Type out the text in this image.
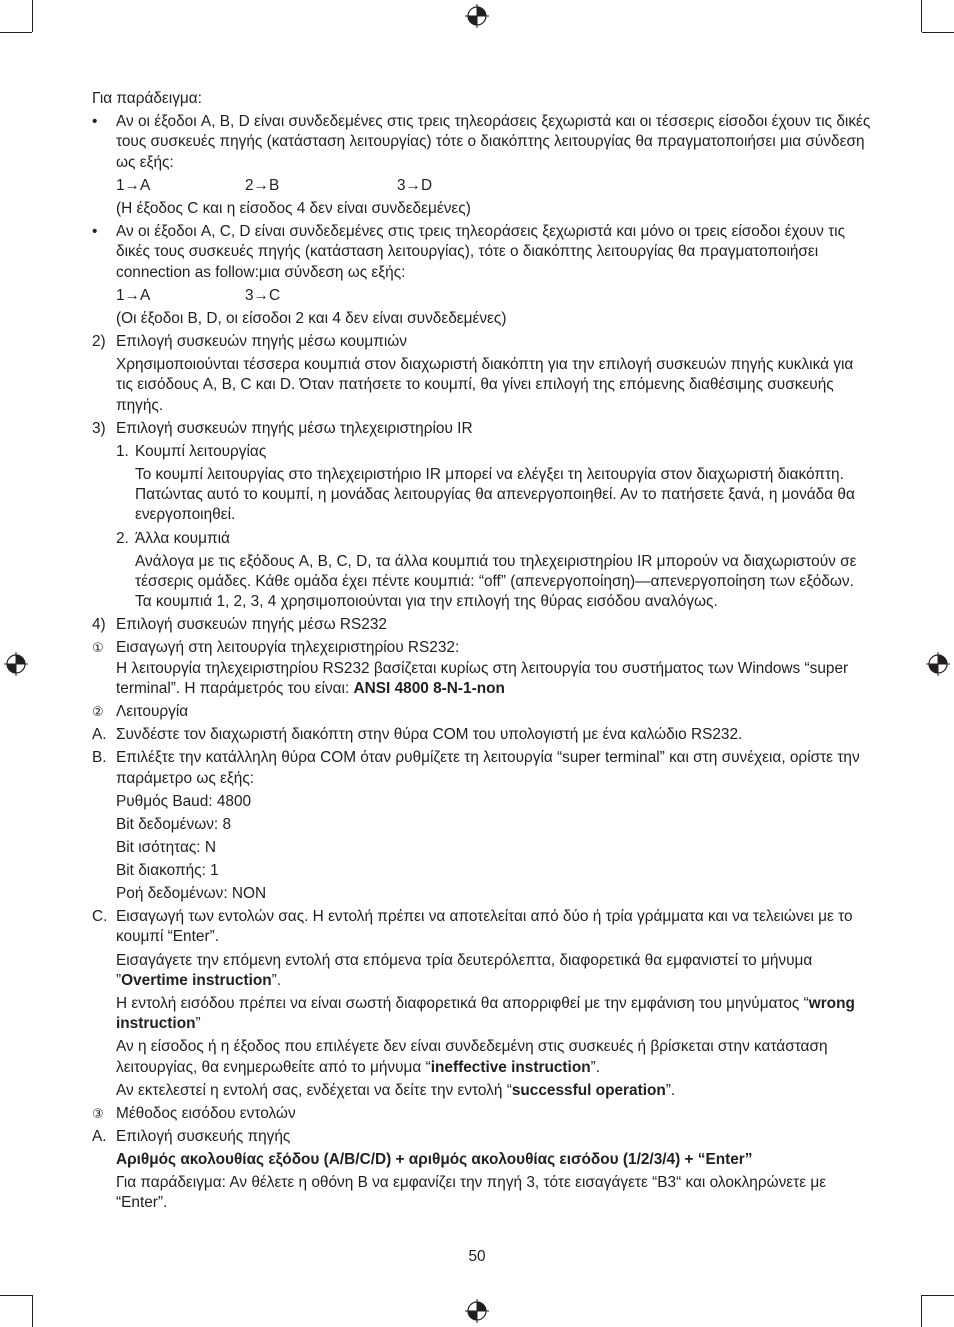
Για παράδειγμα:
• Αν οι έξοδοι A, B, D είναι συνδεδεμένες στις τρεις τηλεοράσεις ξεχωριστά και οι τέσσερις είσοδοι έχουν τις δικές τους συσκευές πηγής (κατάσταση λειτουργίας) τότε ο διακόπτης λειτουργίας θα πραγματοποιήσει μια σύνδεση ως εξής:
1→A	2→B	3→D
(Η έξοδος C και η είσοδος 4 δεν είναι συνδεδεμένες)
• Αν οι έξοδοι A, C, D είναι συνδεδεμένες στις τρεις τηλεοράσεις ξεχωριστά και μόνο οι τρεις είσοδοι έχουν τις δικές τους συσκευές πηγής (κατάσταση λειτουργίας), τότε ο διακόπτης λειτουργίας θα πραγματοποιήσει connection as follow:μια σύνδεση ως εξής:
1→A	3→C
(Οι έξοδοι B, D, οι είσοδοι 2 και 4 δεν είναι συνδεδεμένες)
2) Επιλογή συσκευών πηγής μέσω κουμπιών
Χρησιμοποιούνται τέσσερα κουμπιά στον διαχωριστή διακόπτη για την επιλογή συσκευών πηγής κυκλικά για τις εισόδους A, B, C και D. Όταν πατήσετε το κουμπί, θα γίνει επιλογή της επόμενης διαθέσιμης συσκευής πηγής.
3) Επιλογή συσκευών πηγής μέσω τηλεχειριστηρίου IR
1. Κουμπί λειτουργίας
Το κουμπί λειτουργίας στο τηλεχειριστήριο IR μπορεί να ελέγξει τη λειτουργία στον διαχωριστή διακόπτη. Πατώντας αυτό το κουμπί, η μονάδας λειτουργίας θα απενεργοποιηθεί. Αν το πατήσετε ξανά, η μονάδα θα ενεργοποιηθεί.
2. Άλλα κουμπιά
Ανάλογα με τις εξόδους A, B, C, D, τα άλλα κουμπιά του τηλεχειριστηρίου IR μπορούν να διαχωριστούν σε τέσσερις ομάδες. Κάθε ομάδα έχει πέντε κουμπιά: “off” (απενεργοποίηση)—απενεργοποίηση των εξόδων. Τα κουμπιά 1, 2, 3, 4 χρησιμοποιούνται για την επιλογή της θύρας εισόδου αναλόγως.
4) Επιλογή συσκευών πηγής μέσω RS232
① Εισαγωγή στη λειτουργία τηλεχειριστηρίου RS232:
Η λειτουργία τηλεχειριστηρίου RS232 βασίζεται κυρίως στη λειτουργία του συστήματος των Windows “super terminal”. Η παράμετρός του είναι: ANSI 4800 8-N-1-non
② Λειτουργία
A. Συνδέστε τον διαχωριστή διακόπτη στην θύρα COM του υπολογιστή με ένα καλώδιο RS232.
B. Επιλέξτε την κατάλληλη θύρα COM όταν ρυθμίζετε τη λειτουργία “super terminal” και στη συνέχεια, ορίστε την παράμετρο ως εξής:
Ρυθμός Baud: 4800
Bit δεδομένων: 8
Bit ισότητας: N
Bit διακοπής: 1
Ροή δεδομένων: NON
C. Εισαγωγή των εντολών σας. Η εντολή πρέπει να αποτελείται από δύο ή τρία γράμματα και να τελειώνει με το κουμπί “Enter”.
Εισαγάγετε την επόμενη εντολή στα επόμενα τρία δευτερόλεπτα, διαφορετικά θα εμφανιστεί το μήνυμα ”Overtime instruction”.
Η εντολή εισόδου πρέπει να είναι σωστή διαφορετικά θα απορριφθεί με την εμφάνιση του μηνύματος “wrong instruction”
Αν η είσοδος ή η έξοδος που επιλέγετε δεν είναι συνδεδεμένη στις συσκευές ή βρίσκεται στην κατάσταση λειτουργίας, θα ενημερωθείτε από το μήνυμα “ineffective instruction”.
Αν εκτελεστεί η εντολή σας, ενδέχεται να δείτε την εντολή “successful operation”.
③ Μέθοδος εισόδου εντολών
A. Επιλογή συσκευής πηγής
Αριθμός ακολουθίας εξόδου (A/B/C/D) + αριθμός ακολουθίας εισόδου (1/2/3/4) + “Enter”
Για παράδειγμα: Αν θέλετε η οθόνη B να εμφανίζει την πηγή 3, τότε εισαγάγετε “B3“ και ολοκληρώνετε με “Enter”.
50
